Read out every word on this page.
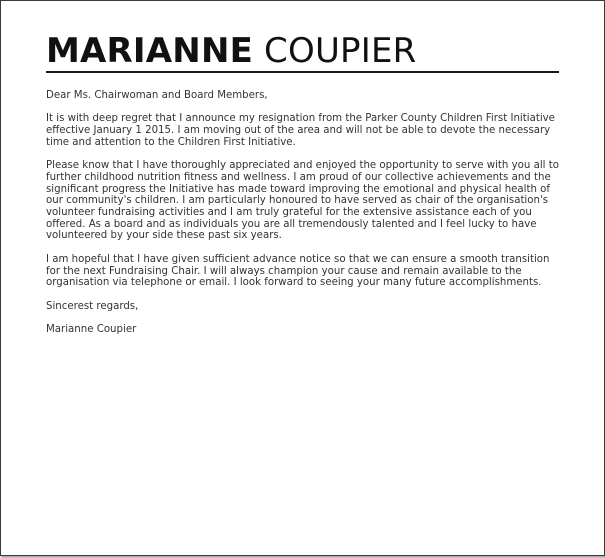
MARIANNE COUPIER

Dear Ms. Chairwoman and Board Members,

It is with deep regret that I announce my resignation from the Parker County Children First Initiative effective January 1 2015. I am moving out of the area and will not be able to devote the necessary time and attention to the Children First Initiative.

Please know that I have thoroughly appreciated and enjoyed the opportunity to serve with you all to further childhood nutrition fitness and wellness. I am proud of our collective achievements and the significant progress the Initiative has made toward improving the emotional and physical health of our community's children. I am particularly honoured to have served as chair of the organisation's volunteer fundraising activities and I am truly grateful for the extensive assistance each of you offered. As a board and as individuals you are all tremendously talented and I feel lucky to have volunteered by your side these past six years.

I am hopeful that I have given sufficient advance notice so that we can ensure a smooth transition for the next Fundraising Chair. I will always champion your cause and remain available to the organisation via telephone or email. I look forward to seeing your many future accomplishments.

Sincerest regards,

Marianne Coupier
